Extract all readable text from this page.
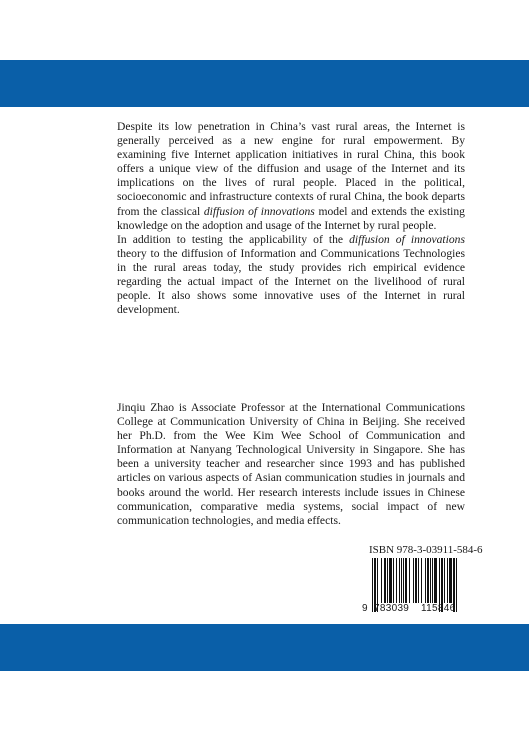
Despite its low penetration in China’s vast rural areas, the Internet is generally perceived as a new engine for rural empowerment. By examining five Internet application initiatives in rural China, this book offers a unique view of the diffusion and usage of the Internet and its implications on the lives of rural people. Placed in the political, socioeconomic and infrastructure contexts of rural China, the book departs from the classical diffusion of innovations model and extends the existing knowledge on the adoption and usage of the Internet by rural people.

In addition to testing the applicability of the diffusion of innovations theory to the diffusion of Information and Communications Technologies in the rural areas today, the study provides rich empirical evidence regarding the actual impact of the Internet on the livelihood of rural people. It also shows some innovative uses of the Internet in rural development.

Jinqiu Zhao is Associate Professor at the International Communications College at Communication University of China in Beijing. She received her Ph.D. from the Wee Kim Wee School of Communication and Information at Nanyang Technological University in Singapore. She has been a university teacher and researcher since 1993 and has published articles on various aspects of Asian communication studies in journals and books around the world. Her research interests include issues in Chinese communication, comparative media systems, social impact of new communication technologies, and media effects.

ISBN 978-3-03911-584-6
9 783039 115846
